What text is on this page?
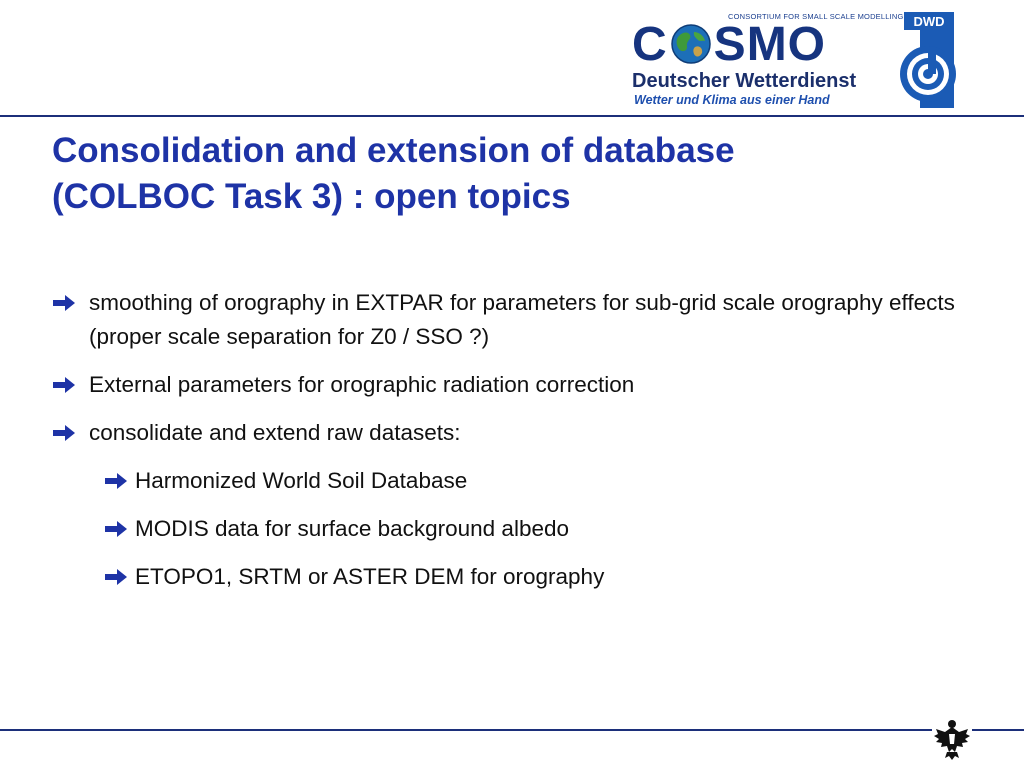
CONSORTIUM FOR SMALL SCALE MODELLING
C SMO
Deutscher Wetterdienst
Wetter und Klima aus einer Hand
DWD
Consolidation and extension of database
(COLBOC Task 3) : open topics
smoothing of orography in EXTPAR for parameters for sub-grid scale orography effects (proper scale separation for Z0 / SSO ?)
External parameters for orographic radiation correction
consolidate and extend raw datasets:
Harmonized World Soil Database
MODIS data for surface background albedo
ETOPO1, SRTM or ASTER DEM for orography
